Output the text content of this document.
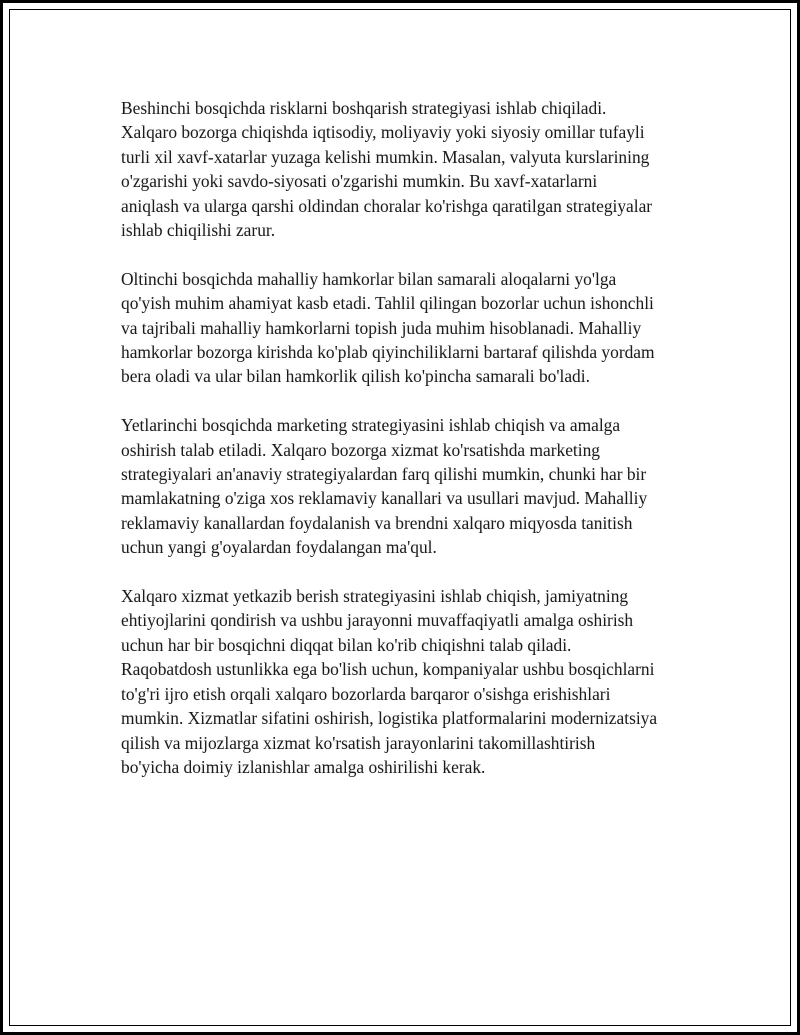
Beshinchi bosqichda risklarni boshqarish strategiyasi ishlab chiqiladi.
Xalqaro bozorga chiqishda iqtisodiy, moliyaviy yoki siyosiy omillar tufayli
turli xil xavf-xatarlar yuzaga kelishi mumkin. Masalan, valyuta kurslarining
o'zgarishi yoki savdo-siyosati o'zgarishi mumkin. Bu xavf-xatarlarni
aniqlash va ularga qarshi oldindan choralar ko'rishga qaratilgan strategiyalar
ishlab chiqilishi zarur.

Oltinchi bosqichda mahalliy hamkorlar bilan samarali aloqalarni yo'lga
qo'yish muhim ahamiyat kasb etadi. Tahlil qilingan bozorlar uchun ishonchli
va tajribali mahalliy hamkorlarni topish juda muhim hisoblanadi. Mahalliy
hamkorlar bozorga kirishda ko'plab qiyinchiliklarni bartaraf qilishda yordam
bera oladi va ular bilan hamkorlik qilish ko'pincha samarali bo'ladi.

Yetlarinchi bosqichda marketing strategiyasini ishlab chiqish va amalga
oshirish talab etiladi. Xalqaro bozorga xizmat ko'rsatishda marketing
strategiyalari an'anaviy strategiyalardan farq qilishi mumkin, chunki har bir
mamlakatning o'ziga xos reklamaviy kanallari va usullari mavjud. Mahalliy
reklamaviy kanallardan foydalanish va brendni xalqaro miqyosda tanitish
uchun yangi g'oyalardan foydalangan ma'qul.

Xalqaro xizmat yetkazib berish strategiyasini ishlab chiqish, jamiyatning
ehtiyojlarini qondirish va ushbu jarayonni muvaffaqiyatli amalga oshirish
uchun har bir bosqichni diqqat bilan ko'rib chiqishni talab qiladi.
Raqobatdosh ustunlikka ega bo'lish uchun, kompaniyalar ushbu bosqichlarni
to'g'ri ijro etish orqali xalqaro bozorlarda barqaror o'sishga erishishlari
mumkin. Xizmatlar sifatini oshirish, logistika platformalarini modernizatsiya
qilish va mijozlarga xizmat ko'rsatish jarayonlarini takomillashtirish
bo'yicha doimiy izlanishlar amalga oshirilishi kerak.
